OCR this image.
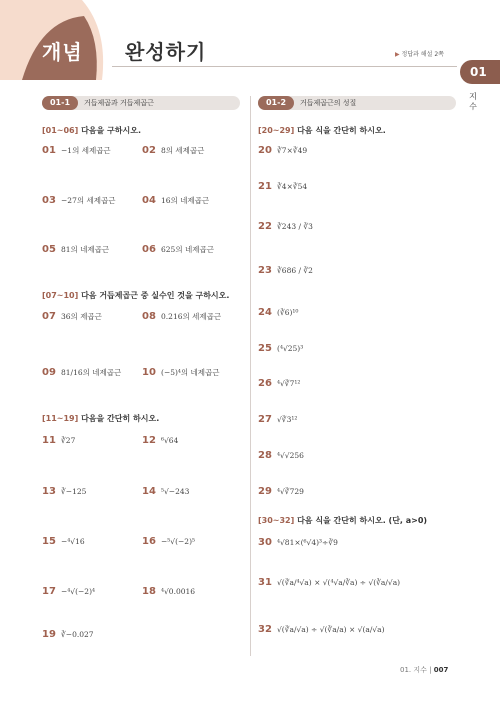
개념 완성하기	▶ 정답과 해설 2쪽
01
지수
01-1	거듭제곱과 거듭제곱근	01-2	거듭제곱근의 성질
[01~06] 다음을 구하시오.
[07~10] 다음 거듭제곱근 중 실수인 것을 구하시오.
[11~19] 다음을 간단히 하시오.
[20~29] 다음 식을 간단히 하시오.
[30~32] 다음 식을 간단히 하시오. (단, a>0)
01 −1의 세제곱근	02 8의 세제곱근
03 −27의 세제곱근	04 16의 네제곱근
05 81의 네제곱근	06 625의 네제곱근
07 36의 제곱근	08 0.216의 세제곱근
09 81/16의 네제곱근 10 (−5)⁴의 네제곱근
11 ∛27	12 ⁶√64
13 ∛−125	14 ⁵√−243
15 −⁴√16	16 −⁵√(−2)⁵
17 −⁴√(−2)⁴	18 ⁴√0.0016
19 ∛−0.027
20 ∛7×∛49
21 ∛4×∛54
22 ∛243 / ∛3
23 ∛686 / ∛2
24 (∛6)¹⁰
25 (⁴√25)³
26 ⁴√∛7¹²
27 √∛3¹²
28 ⁴√√256
29 ⁴√∛729
30 ⁴√81×(⁶√4)³÷∛9
31 √(∛a/⁴√a) × √(⁴√a/∛a) ÷ √(∛a/√a)
32 √(∛a/√a) ÷ √(∛a/a) × √(a/√a)
01. 지수 | 007
